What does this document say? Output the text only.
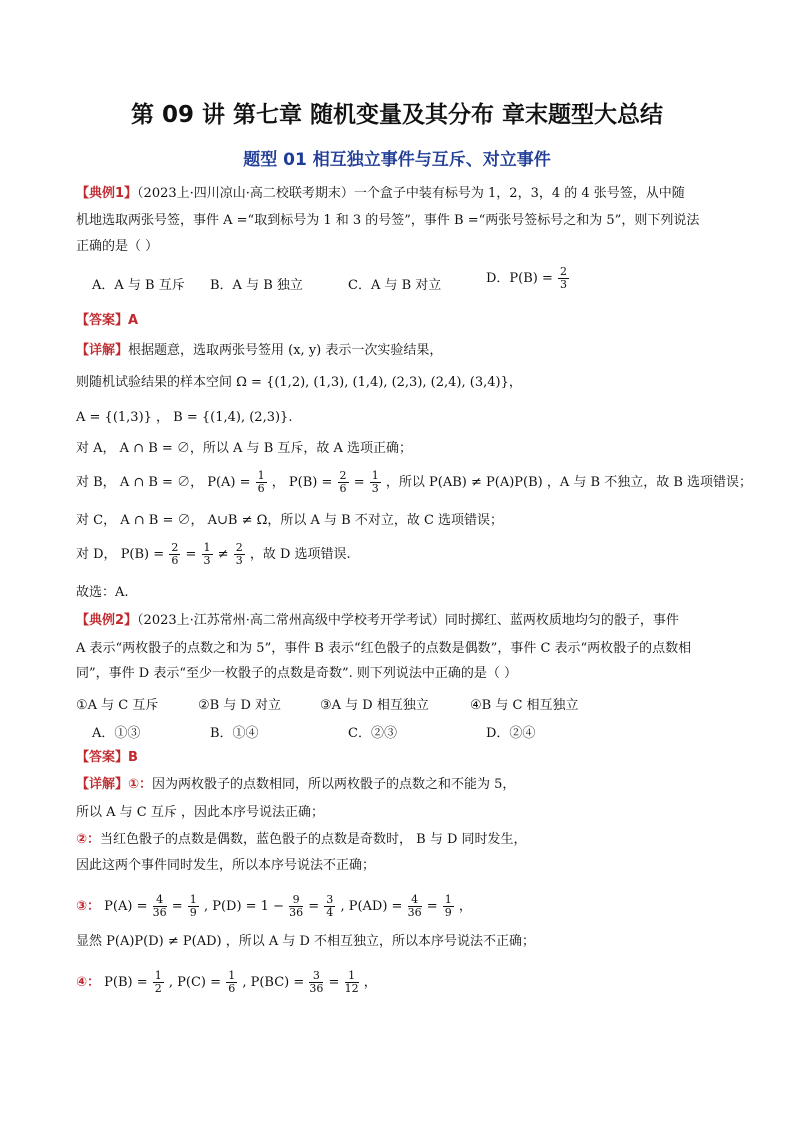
第 09 讲 第七章 随机变量及其分布 章末题型大总结
题型 01 相互独立事件与互斥、对立事件
【典例1】（2023上·四川凉山·高二校联考期末）一个盒子中装有标号为 1，2，3，4 的 4 张号签，从中随
机地选取两张号签，事件 A =“取到标号为 1 和 3 的号签”，事件 B =“两张号签标号之和为 5”，则下列说法
正确的是（ ）
A．A 与 B 互斥 B．A 与 B 独立	C．A 与 B 对立	D．$P(B) = \frac{2}{3}$
【答案】A
【详解】根据题意，选取两张号签用 (x, y) 表示一次实验结果，
则随机试验结果的样本空间 Ω = {(1,2), (1,3), (1,4), (2,3), (2,4), (3,4)}，
A = {(1,3)} ， B = {(1,4), (2,3)}.
对 A， A ∩ B = ∅，所以 A 与 B 互斥，故 A 选项正确；
对 B， A ∩ B = ∅， $P(A) = \frac{1}{6}$ ， $P(B) = \frac{2}{6} = \frac{1}{3}$ ，所以 P(AB) ≠ P(A)P(B) ，A 与 B 不独立，故 B 选项错误；
对 C， A ∩ B = ∅， A∪B ≠ Ω，所以 A 与 B 不对立，故 C 选项错误；
对 D， $P(B) = \frac{2}{6} = \frac{1}{3} \ne \frac{2}{3}$ ，故 D 选项错误.
故选：A.
【典例2】（2023上·江苏常州·高二常州高级中学校考开学考试）同时掷红、蓝两枚质地均匀的骰子，事件
A 表示“两枚骰子的点数之和为 5”，事件 B 表示“红色骰子的点数是偶数”，事件 C 表示“两枚骰子的点数相
同”，事件 D 表示“至少一枚骰子的点数是奇数”. 则下列说法中正确的是（ ）
①A 与 C 互斥	②B 与 D 对立	③A 与 D 相互独立	④B 与 C 相互独立
A．①③	B．①④	C．②③	D．②④
【答案】B
【详解】①：因为两枚骰子的点数相同，所以两枚骰子的点数之和不能为 5，
所以 A 与 C 互斥 ，因此本序号说法正确；
②：当红色骰子的点数是偶数，蓝色骰子的点数是奇数时， B 与 D 同时发生，
因此这两个事件同时发生，所以本序号说法不正确；
③： $P(A) = \frac{4}{36} = \frac{1}{9}$ , $P(D) = 1 - \frac{9}{36} = \frac{3}{4}$ , $P(AD) = \frac{4}{36} = \frac{1}{9}$ ，
显然 P(A)P(D) ≠ P(AD) ，所以 A 与 D 不相互独立，所以本序号说法不正确；
④： $P(B) = \frac{1}{2}$ , $P(C) = \frac{1}{6}$ , $P(BC) = \frac{3}{36} = \frac{1}{12}$ ，
